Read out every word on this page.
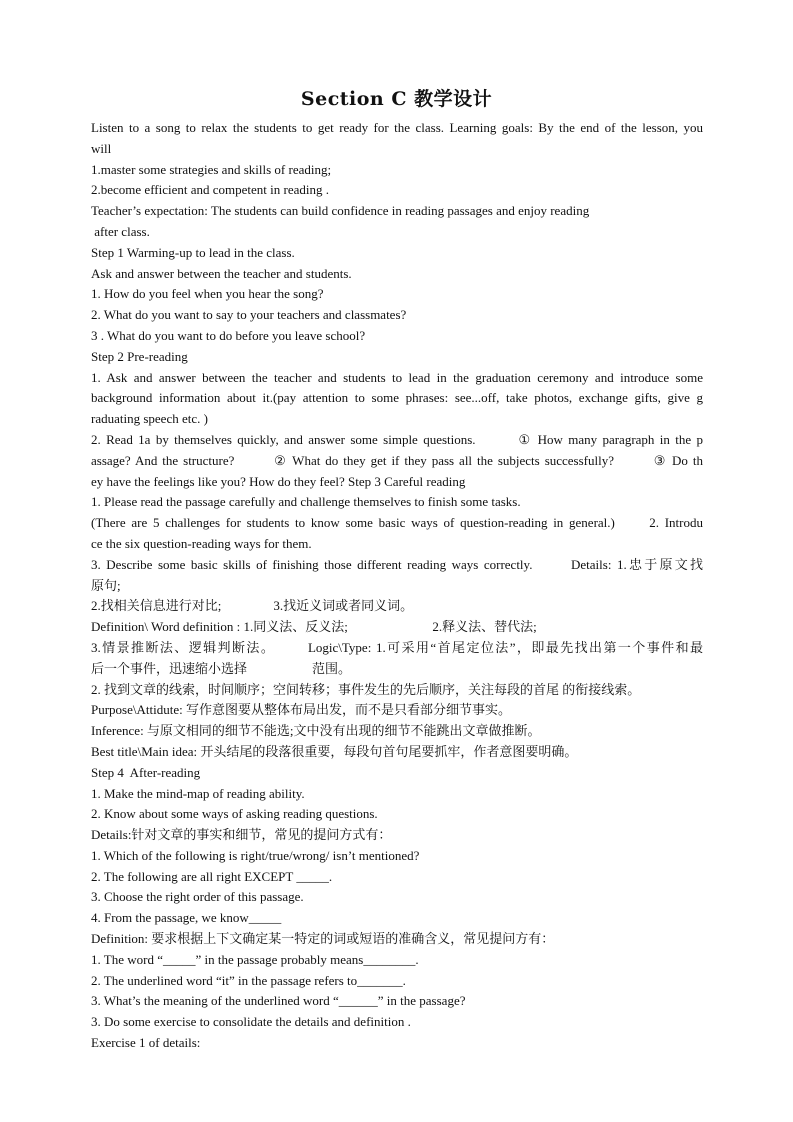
Section C 教学设计
Listen to a song to relax the students to get ready for the class. Learning goals: By the end of the lesson, you
will
1.master some strategies and skills of reading;
2.become efficient and competent in reading .
Teacher’s expectation: The students can build confidence in reading passages and enjoy reading
after class.
Step 1 Warming-up to lead in the class.
Ask and answer between the teacher and students.
1. How do you feel when you hear the song?
2. What do you want to say to your teachers and classmates?
3 . What do you want to do before you leave school?
Step 2 Pre-reading
1. Ask and answer between the teacher and students to lead in the graduation ceremony and introduce some
background information about it.(pay attention to some phrases: see...off, take photos, exchange gifts, give g
raduating speech etc. )
2. Read 1a by themselves quickly, and answer some simple questions.        ① How many paragraph in the p
assage? And the structure?        ② What do they get if they pass all the subjects successfully?        ③ Do th
ey have the feelings like you? How do they feel? Step 3 Careful reading
1. Please read the passage carefully and challenge themselves to finish some tasks.
(There are 5 challenges for students to know some basic ways of question-reading in general.)      2. Introdu
ce the six question-reading ways for them.
3. Describe some basic skills of finishing those different reading ways correctly.       Details: 1.忠于原文找
原句;
2.找相关信息进行对比;                3.找近义词或者同义词。
Definition\ Word definition : 1.同义法、反义法;                          2.释义法、替代法;
3.情景推断法、逻辑判断法。       Logic\Type: 1.可采用“首尾定位法”，即最先找出第一个事件和最
后一个事件，迅速缩小选择                    范围。
2. 找到文章的线索，时间顺序；空间转移；事件发生的先后顺序，关注每段的首尾 的衔接线索。
Purpose\Attidute: 写作意图要从整体布局出发，而不是只看部分细节事实。
Inference: 与原文相同的细节不能选;文中没有出现的细节不能跳出文章做推断。
Best title\Main idea: 开头结尾的段落很重要，每段句首句尾要抓牢，作者意图要明确。
Step 4  After-reading
1. Make the mind-map of reading ability.
2. Know about some ways of asking reading questions.
Details:针对文章的事实和细节，常见的提问方式有：
1. Which of the following is right/true/wrong/ isn’t mentioned?
2. The following are all right EXCEPT _____.
3. Choose the right order of this passage.
4. From the passage, we know_____
Definition: 要求根据上下文确定某一特定的词或短语的准确含义，常见提问方有：
1. The word “_____” in the passage probably means________.
2. The underlined word “it” in the passage refers to_______.
3. What’s the meaning of the underlined word “______” in the passage?
3. Do some exercise to consolidate the details and definition .
Exercise 1 of details:
